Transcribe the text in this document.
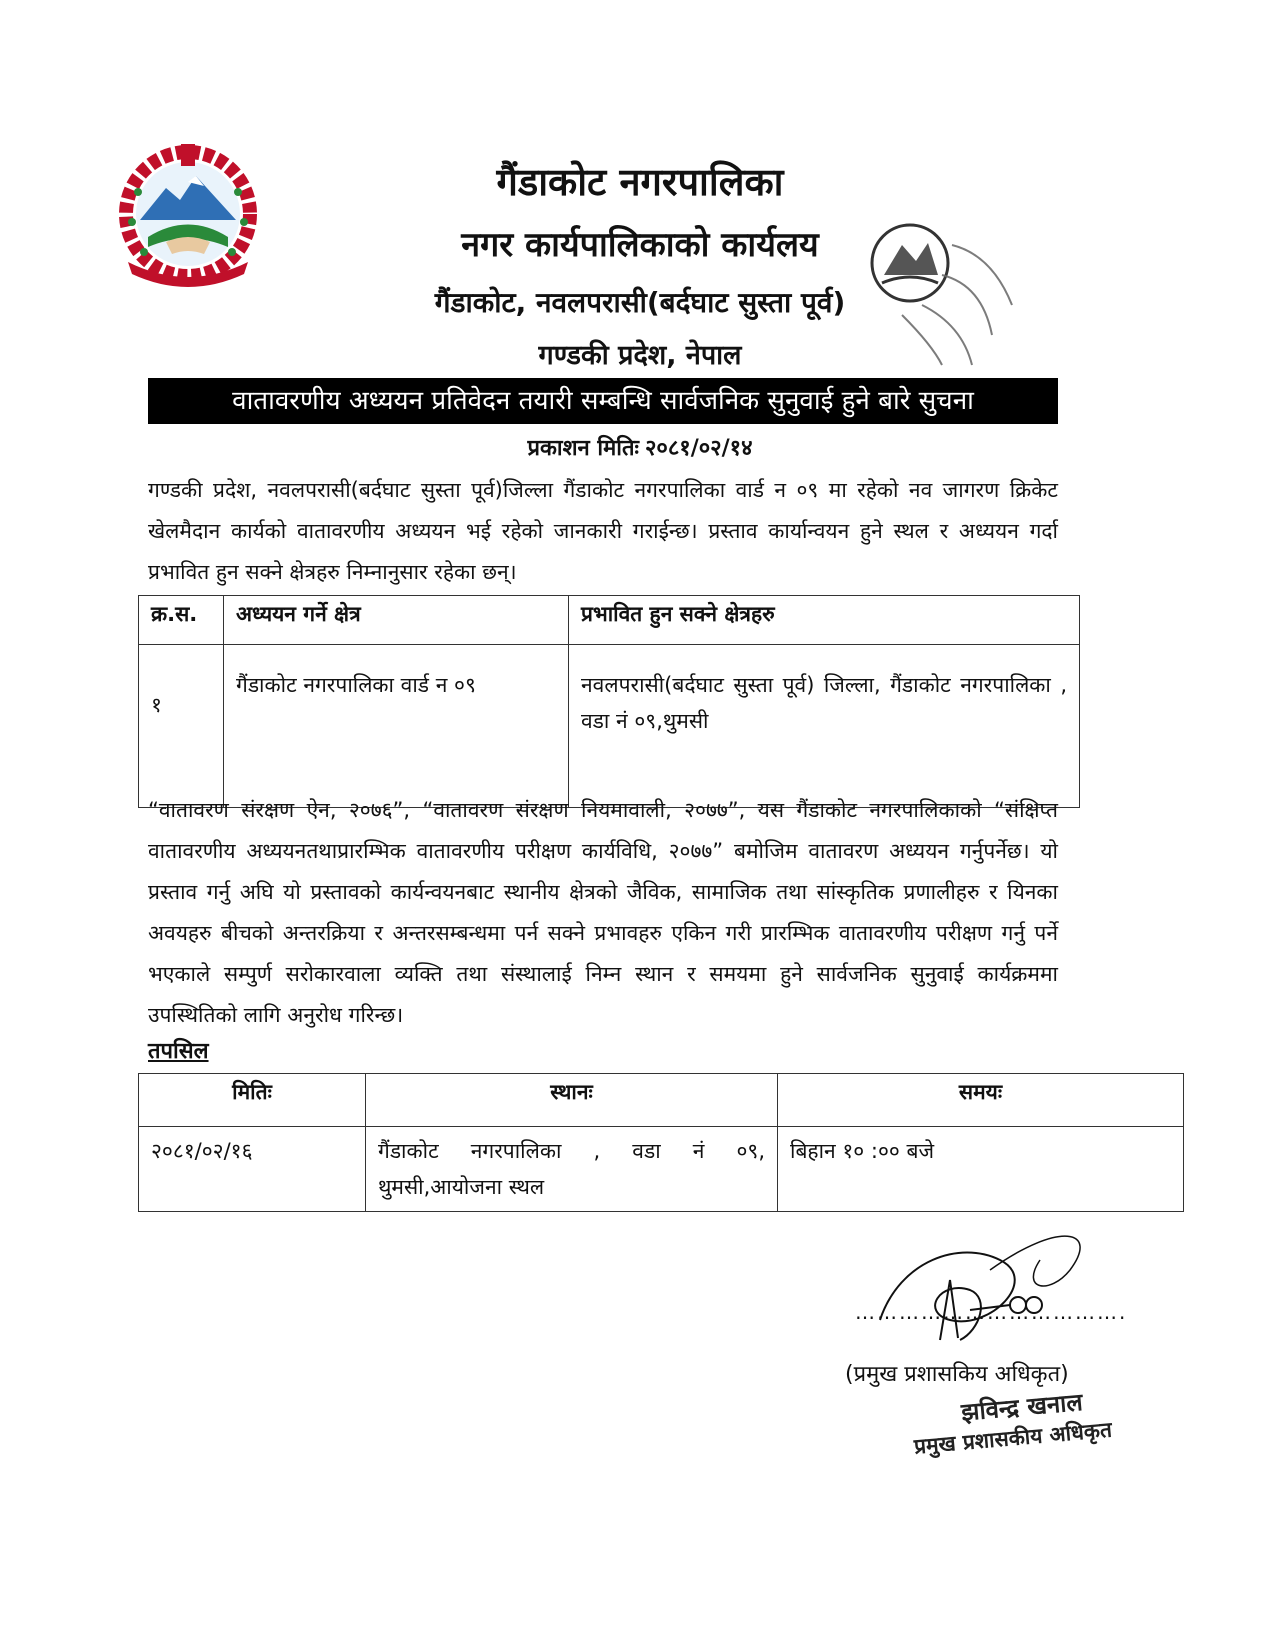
गैंडाकोट नगरपालिका
नगर कार्यपालिकाको कार्यलय
गैंडाकोट, नवलपरासी(बर्दघाट सुस्ता पूर्व)
गण्डकी प्रदेश, नेपाल
वातावरणीय अध्ययन प्रतिवेदन तयारी सम्बन्धि सार्वजनिक सुनुवाई हुने बारे सुचना
प्रकाशन मितिः २०८१/०२/१४
गण्डकी प्रदेश, नवलपरासी(बर्दघाट सुस्ता पूर्व)जिल्ला गैंडाकोट नगरपालिका वार्ड न ०९ मा रहेको नव जागरण क्रिकेट खेलमैदान कार्यको वातावरणीय अध्ययन भई रहेको जानकारी गराईन्छ। प्रस्ताव कार्यान्वयन हुने स्थल र अध्ययन गर्दा प्रभावित हुन सक्ने क्षेत्रहरु निम्नानुसार रहेका छन्।
क्र.स.	अध्ययन गर्ने क्षेत्र	प्रभावित हुन सक्ने क्षेत्रहरु
१	गैंडाकोट नगरपालिका वार्ड न ०९	नवलपरासी(बर्दघाट सुस्ता पूर्व) जिल्ला, गैंडाकोट नगरपालिका , वडा नं ०९,थुमसी
“वातावरण संरक्षण ऐन, २०७६”, “वातावरण संरक्षण नियमावाली, २०७७”, यस गैंडाकोट नगरपालिकाको “संक्षिप्त वातावरणीय अध्ययनतथाप्रारम्भिक वातावरणीय परीक्षण कार्यविधि, २०७७” बमोजिम वातावरण अध्ययन गर्नुपर्नेछ। यो प्रस्ताव गर्नु अघि यो प्रस्तावको कार्यन्वयनबाट स्थानीय क्षेत्रको जैविक, सामाजिक तथा सांस्कृतिक प्रणालीहरु र यिनका अवयहरु बीचको अन्तरक्रिया र अन्तरसम्बन्धमा पर्न सक्ने प्रभावहरु एकिन गरी प्रारम्भिक वातावरणीय परीक्षण गर्नु पर्ने भएकाले सम्पुर्ण सरोकारवाला व्यक्ति तथा संस्थालाई निम्न स्थान र समयमा हुने सार्वजनिक सुनुवाई कार्यक्रममा उपस्थितिको लागि अनुरोध गरिन्छ।
तपसिल
मितिः	स्थानः	समयः
२०८१/०२/१६	गैंडाकोट नगरपालिका , वडा नं ०९, थुमसी,आयोजना स्थल	बिहान १० :०० बजे
……………………………….
(प्रमुख प्रशासकिय अधिकृत)
झविन्द्र खनाल
प्रमुख प्रशासकीय अधिकृत
